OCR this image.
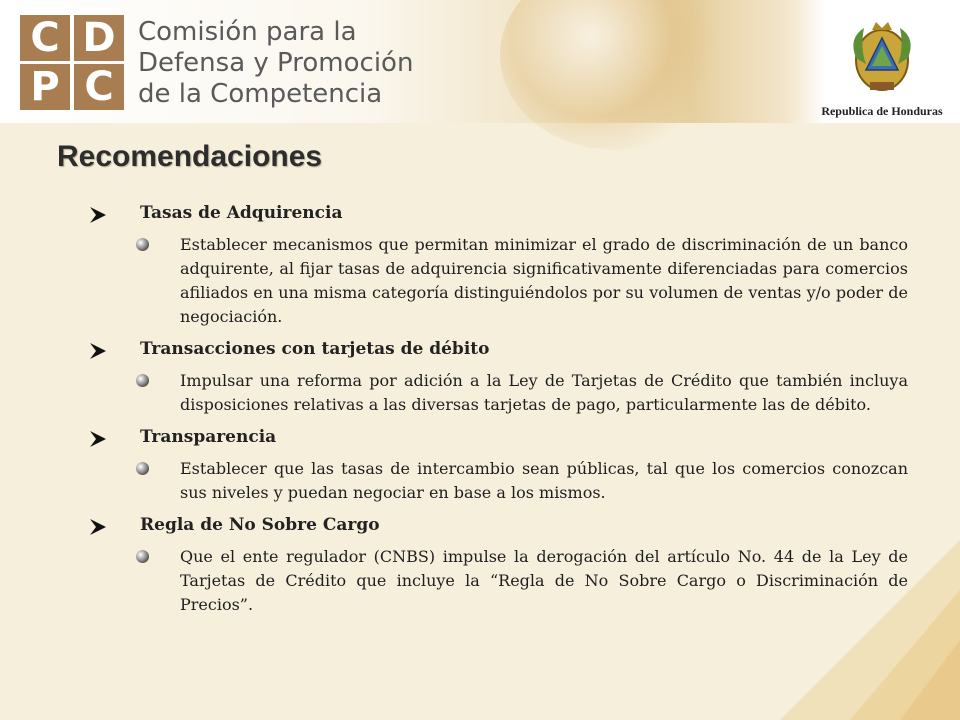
C D
P C
Comisión para la
Defensa y Promoción
de la Competencia
Republica de Honduras
Recomendaciones
Tasas de Adquirencia
Establecer mecanismos que permitan minimizar el grado de discriminación de un banco adquirente, al fijar tasas de adquirencia significativamente diferenciadas para comercios afiliados en una misma categoría distinguiéndolos por su volumen de ventas y/o poder de negociación.
Transacciones con tarjetas de débito
Impulsar una reforma por adición a la Ley de Tarjetas de Crédito que también incluya disposiciones relativas a las diversas tarjetas de pago, particularmente las de débito.
Transparencia
Establecer que las tasas de intercambio sean públicas, tal que los comercios conozcan sus niveles y puedan negociar en base a los mismos.
Regla de No Sobre Cargo
Que el ente regulador (CNBS) impulse la derogación del artículo No. 44 de la Ley de Tarjetas de Crédito que incluye la “Regla de No Sobre Cargo o Discriminación de Precios”.
